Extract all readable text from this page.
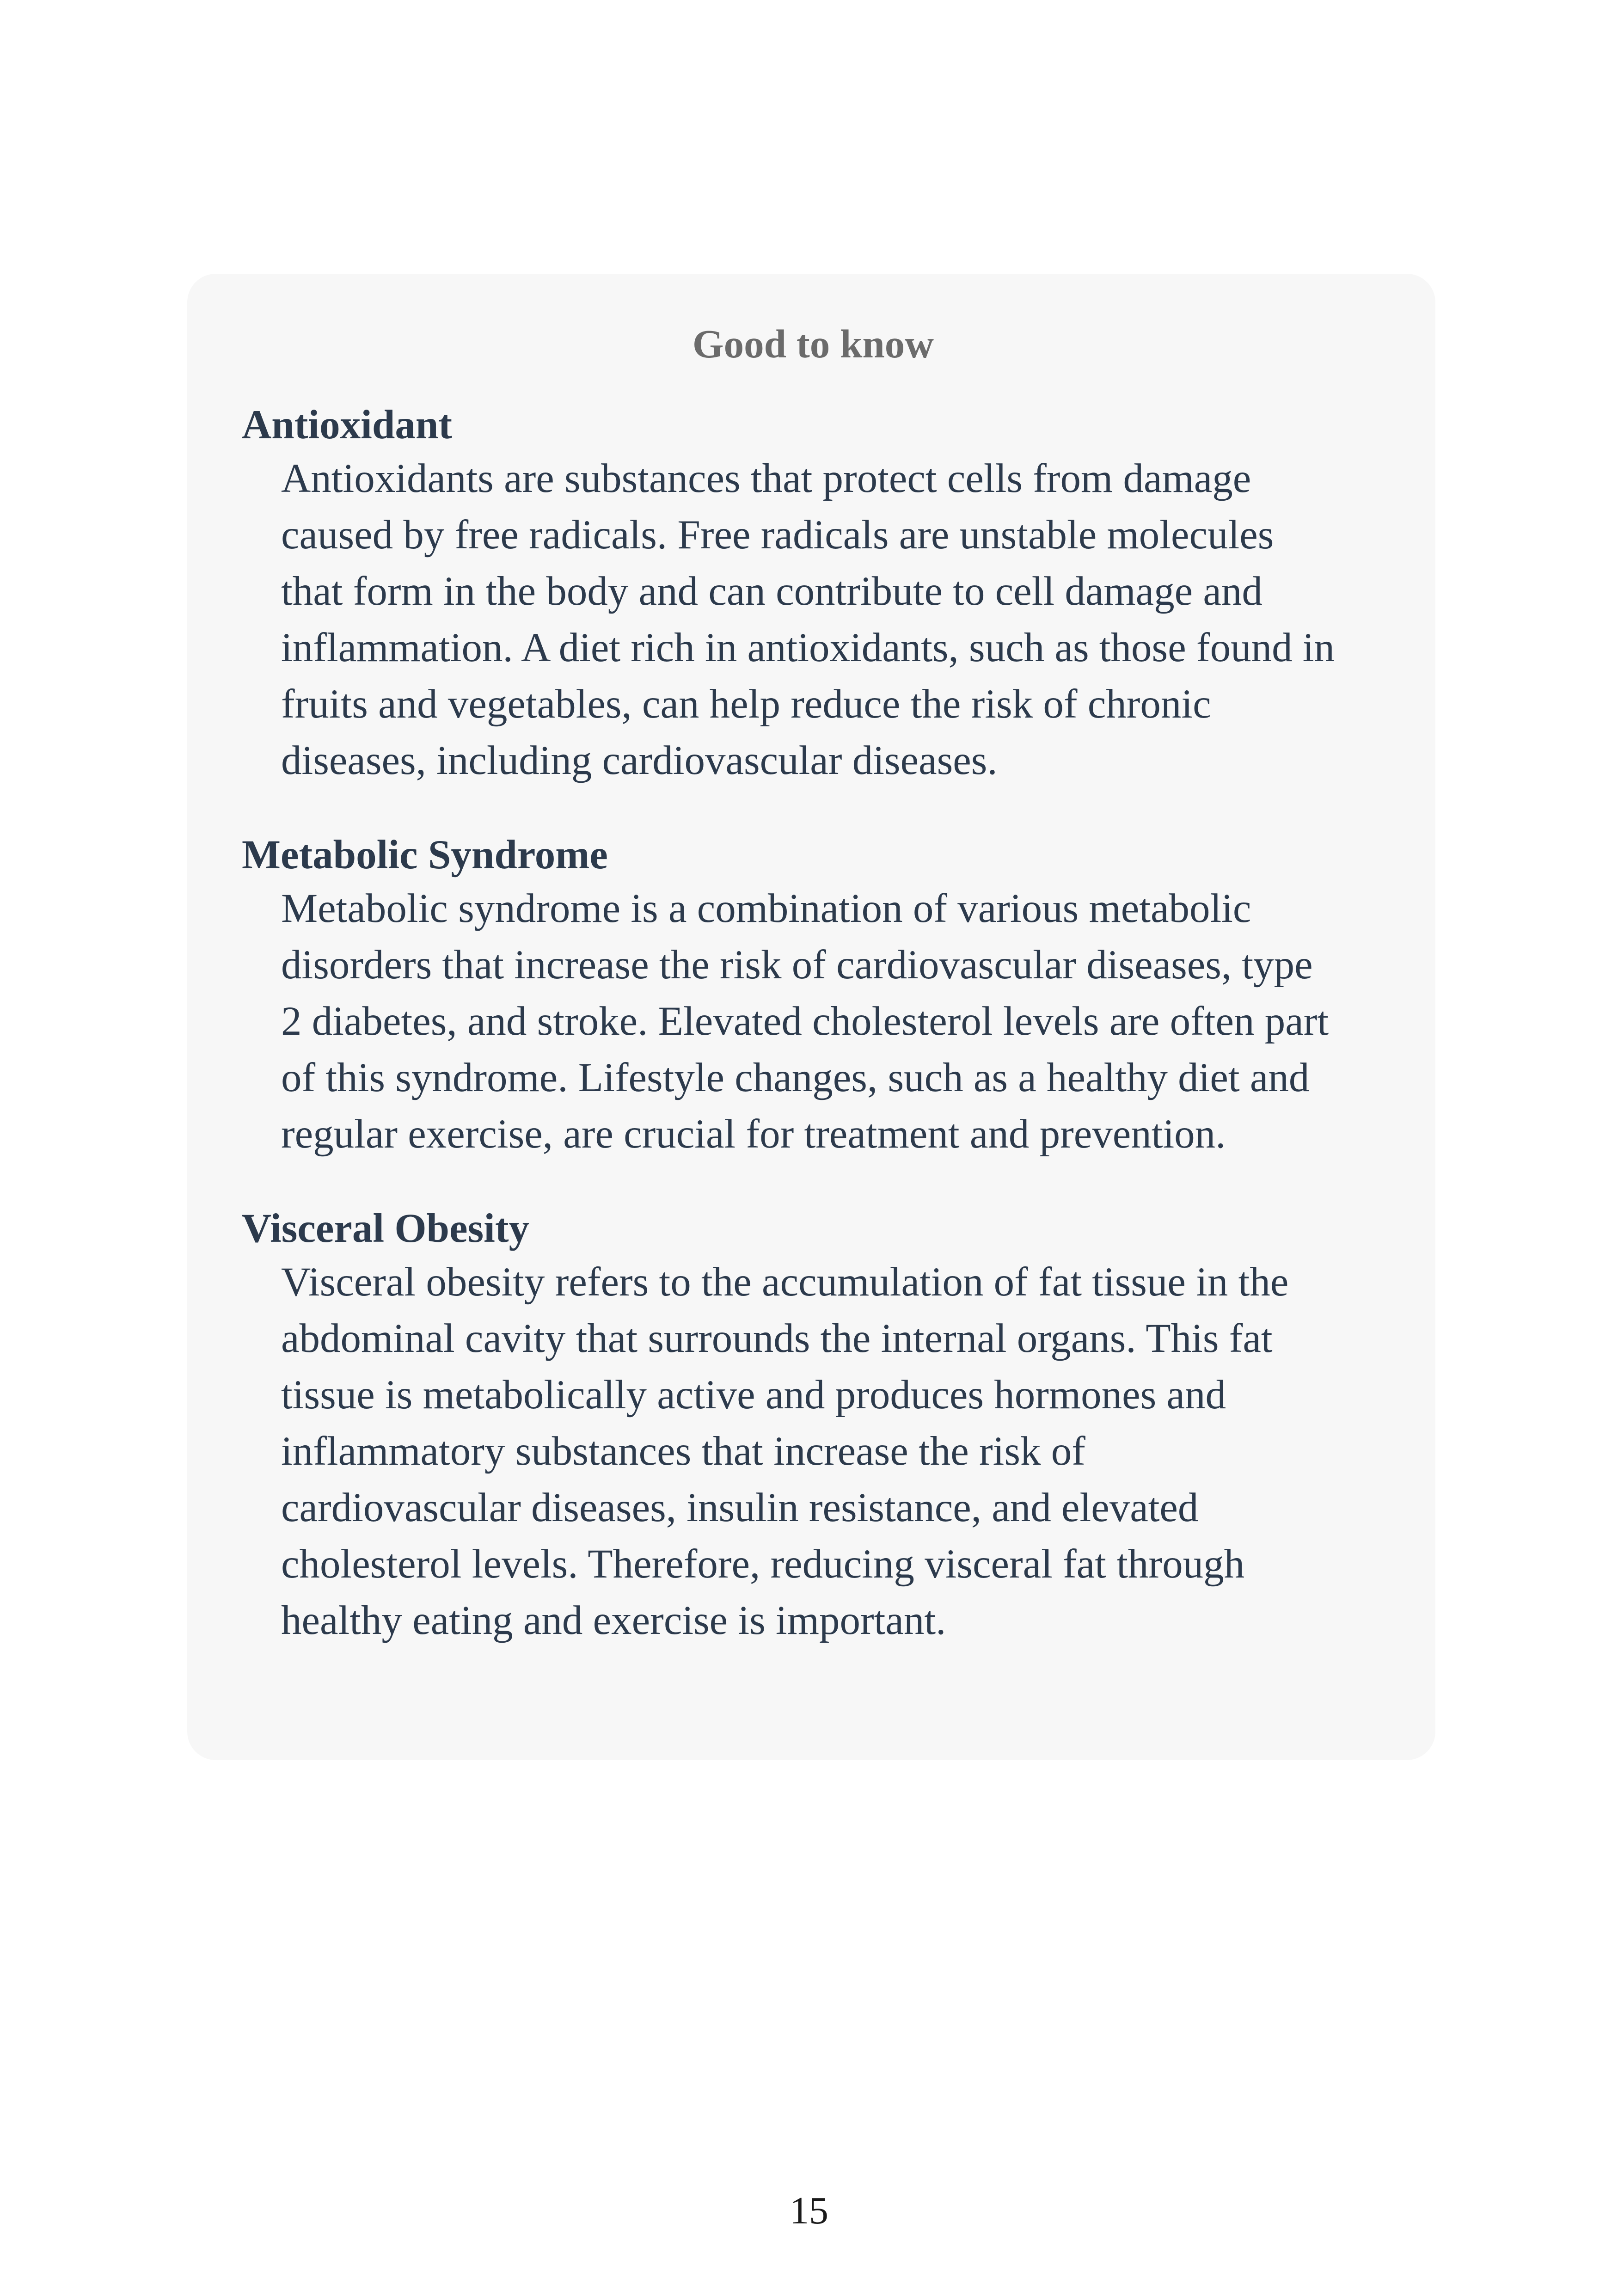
Good to know
Antioxidant

Antioxidants are substances that protect cells from damage
caused by free radicals. Free radicals are unstable molecules
that form in the body and can contribute to cell damage and
inflammation. A diet rich in antioxidants, such as those found in
fruits and vegetables, can help reduce the risk of chronic
diseases, including cardiovascular diseases.

Metabolic Syndrome

Metabolic syndrome is a combination of various metabolic
disorders that increase the risk of cardiovascular diseases, type
2 diabetes, and stroke. Elevated cholesterol levels are often part
of this syndrome. Lifestyle changes, such as a healthy diet and
regular exercise, are crucial for treatment and prevention.

Visceral Obesity

Visceral obesity refers to the accumulation of fat tissue in the
abdominal cavity that surrounds the internal organs. This fat
tissue is metabolically active and produces hormones and
inflammatory substances that increase the risk of
cardiovascular diseases, insulin resistance, and elevated
cholesterol levels. Therefore, reducing visceral fat through
healthy eating and exercise is important.

15
